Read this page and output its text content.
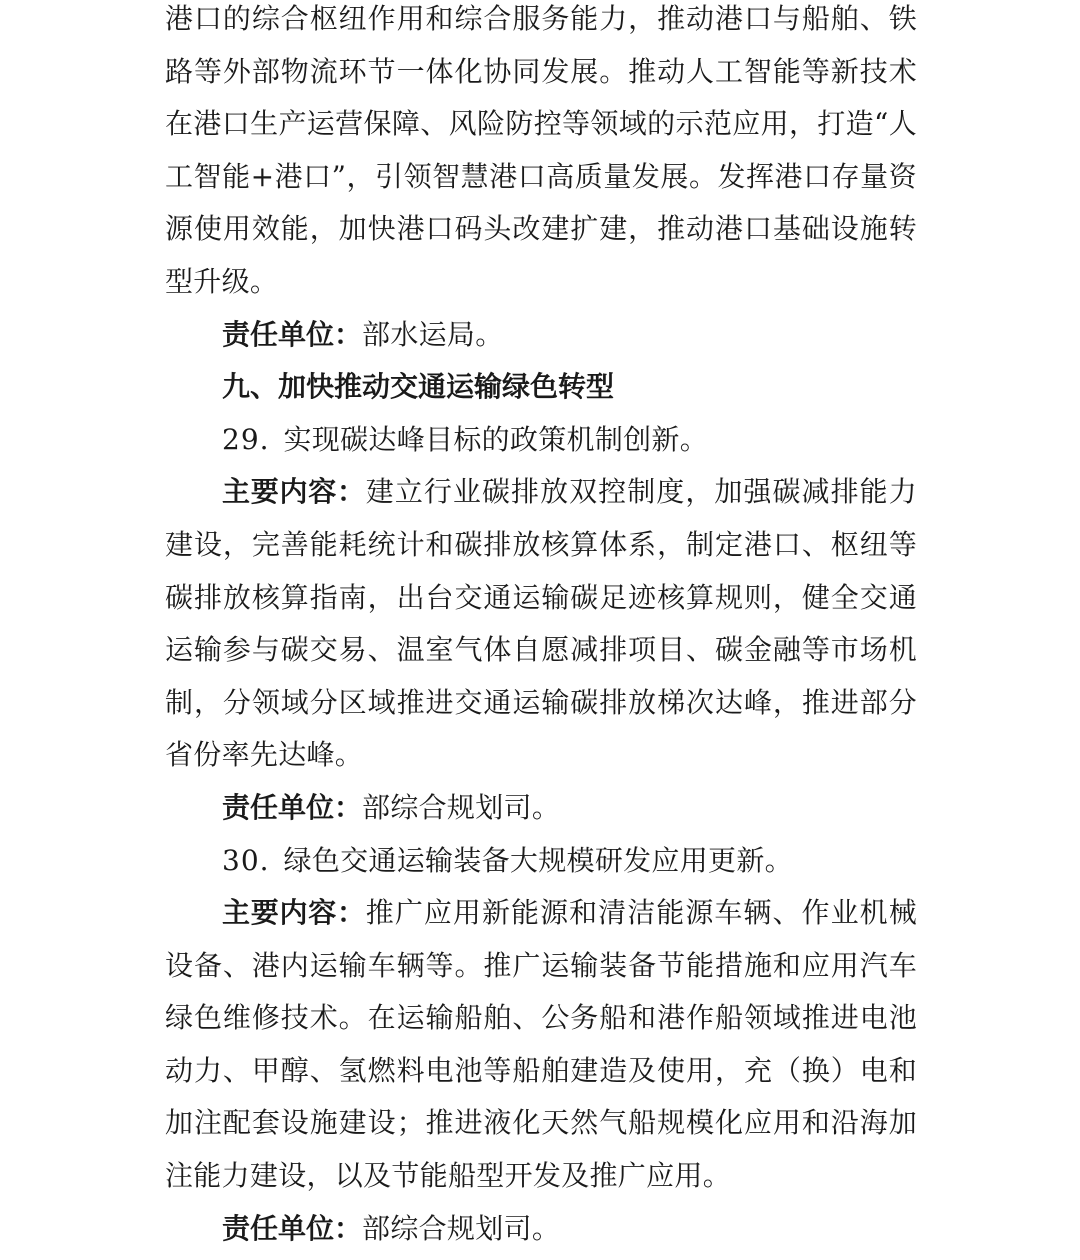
港口的综合枢纽作用和综合服务能力，推动港口与船舶、铁
路等外部物流环节一体化协同发展。推动人工智能等新技术
在港口生产运营保障、风险防控等领域的示范应用，打造“人
工智能+港口”，引领智慧港口高质量发展。发挥港口存量资
源使用效能，加快港口码头改建扩建，推动港口基础设施转
型升级。
责任单位：部水运局。
九、加快推动交通运输绿色转型
29. 实现碳达峰目标的政策机制创新。
主要内容：建立行业碳排放双控制度，加强碳减排能力
建设，完善能耗统计和碳排放核算体系，制定港口、枢纽等
碳排放核算指南，出台交通运输碳足迹核算规则，健全交通
运输参与碳交易、温室气体自愿减排项目、碳金融等市场机
制，分领域分区域推进交通运输碳排放梯次达峰，推进部分
省份率先达峰。
责任单位：部综合规划司。
30. 绿色交通运输装备大规模研发应用更新。
主要内容：推广应用新能源和清洁能源车辆、作业机械
设备、港内运输车辆等。推广运输装备节能措施和应用汽车
绿色维修技术。在运输船舶、公务船和港作船领域推进电池
动力、甲醇、氢燃料电池等船舶建造及使用，充（换）电和
加注配套设施建设；推进液化天然气船规模化应用和沿海加
注能力建设，以及节能船型开发及推广应用。
责任单位：部综合规划司。
